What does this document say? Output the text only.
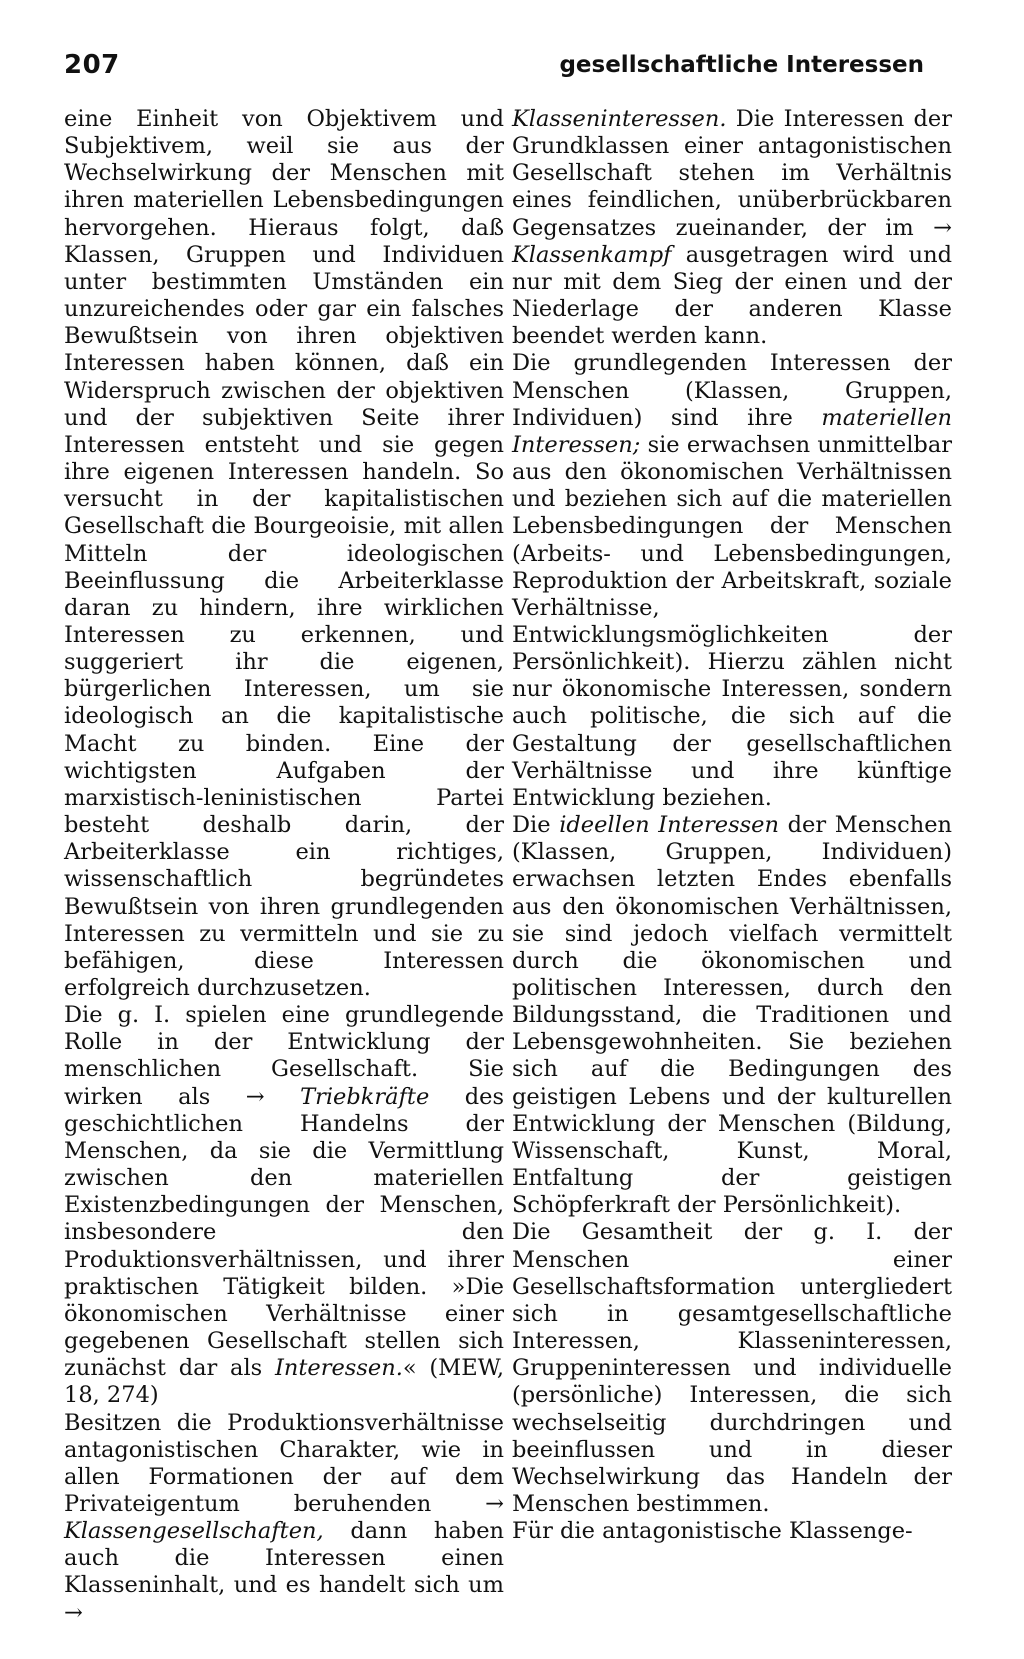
207	gesellschaftliche Interessen

eine Einheit von Objektivem und Subjektivem, weil sie aus der Wechselwirkung der Menschen mit ihren materiellen Lebensbedingungen hervorgehen. Hieraus folgt, daß Klassen, Gruppen und Individuen unter bestimmten Umständen ein unzureichendes oder gar ein falsches Bewußtsein von ihren objektiven Interessen haben können, daß ein Widerspruch zwischen der objektiven und der subjektiven Seite ihrer Interessen entsteht und sie gegen ihre eigenen Interessen handeln. So versucht in der kapitalistischen Gesellschaft die Bourgeoisie, mit allen Mitteln der ideologischen Beeinflussung die Arbeiterklasse daran zu hindern, ihre wirklichen Interessen zu erkennen, und suggeriert ihr die eigenen, bürgerlichen Interessen, um sie ideologisch an die kapitalistische Macht zu binden. Eine der wichtigsten Aufgaben der marxistisch-leninistischen Partei besteht deshalb darin, der Arbeiterklasse ein richtiges, wissenschaftlich begründetes Bewußtsein von ihren grundlegenden Interessen zu vermitteln und sie zu befähigen, diese Interessen erfolgreich durchzusetzen.

Die g. I. spielen eine grundlegende Rolle in der Entwicklung der menschlichen Gesellschaft. Sie wirken als → Triebkräfte des geschichtlichen Handelns der Menschen, da sie die Vermittlung zwischen den materiellen Existenzbedingungen der Menschen, insbesondere den Produktionsverhältnissen, und ihrer praktischen Tätigkeit bilden. »Die ökonomischen Verhältnisse einer gegebenen Gesellschaft stellen sich zunächst dar als Interessen.« (MEW, 18, 274)

Besitzen die Produktionsverhältnisse antagonistischen Charakter, wie in allen Formationen der auf dem Privateigentum beruhenden → Klassengesellschaften, dann haben auch die Interessen einen Klasseninhalt, und es handelt sich um →

Klasseninteressen. Die Interessen der Grundklassen einer antagonistischen Gesellschaft stehen im Verhältnis eines feindlichen, unüberbrückbaren Gegensatzes zueinander, der im → Klassenkampf ausgetragen wird und nur mit dem Sieg der einen und der Niederlage der anderen Klasse beendet werden kann.

Die grundlegenden Interessen der Menschen (Klassen, Gruppen, Individuen) sind ihre materiellen Interessen; sie erwachsen unmittelbar aus den ökonomischen Verhältnissen und beziehen sich auf die materiellen Lebensbedingungen der Menschen (Arbeits- und Lebensbedingungen, Reproduktion der Arbeitskraft, soziale Verhältnisse, Entwicklungsmöglichkeiten der Persönlichkeit). Hierzu zählen nicht nur ökonomische Interessen, sondern auch politische, die sich auf die Gestaltung der gesellschaftlichen Verhältnisse und ihre künftige Entwicklung beziehen.

Die ideellen Interessen der Menschen (Klassen, Gruppen, Individuen) erwachsen letzten Endes ebenfalls aus den ökonomischen Verhältnissen, sie sind jedoch vielfach vermittelt durch die ökonomischen und politischen Interessen, durch den Bildungsstand, die Traditionen und Lebensgewohnheiten. Sie beziehen sich auf die Bedingungen des geistigen Lebens und der kulturellen Entwicklung der Menschen (Bildung, Wissenschaft, Kunst, Moral, Entfaltung der geistigen Schöpferkraft der Persönlichkeit).

Die Gesamtheit der g. I. der Menschen einer Gesellschaftsformation untergliedert sich in gesamtgesellschaftliche Interessen, Klasseninteressen, Gruppeninteressen und individuelle (persönliche) Interessen, die sich wechselseitig durchdringen und beeinflussen und in dieser Wechselwirkung das Handeln der Menschen bestimmen.

Für die antagonistische Klassenge-
